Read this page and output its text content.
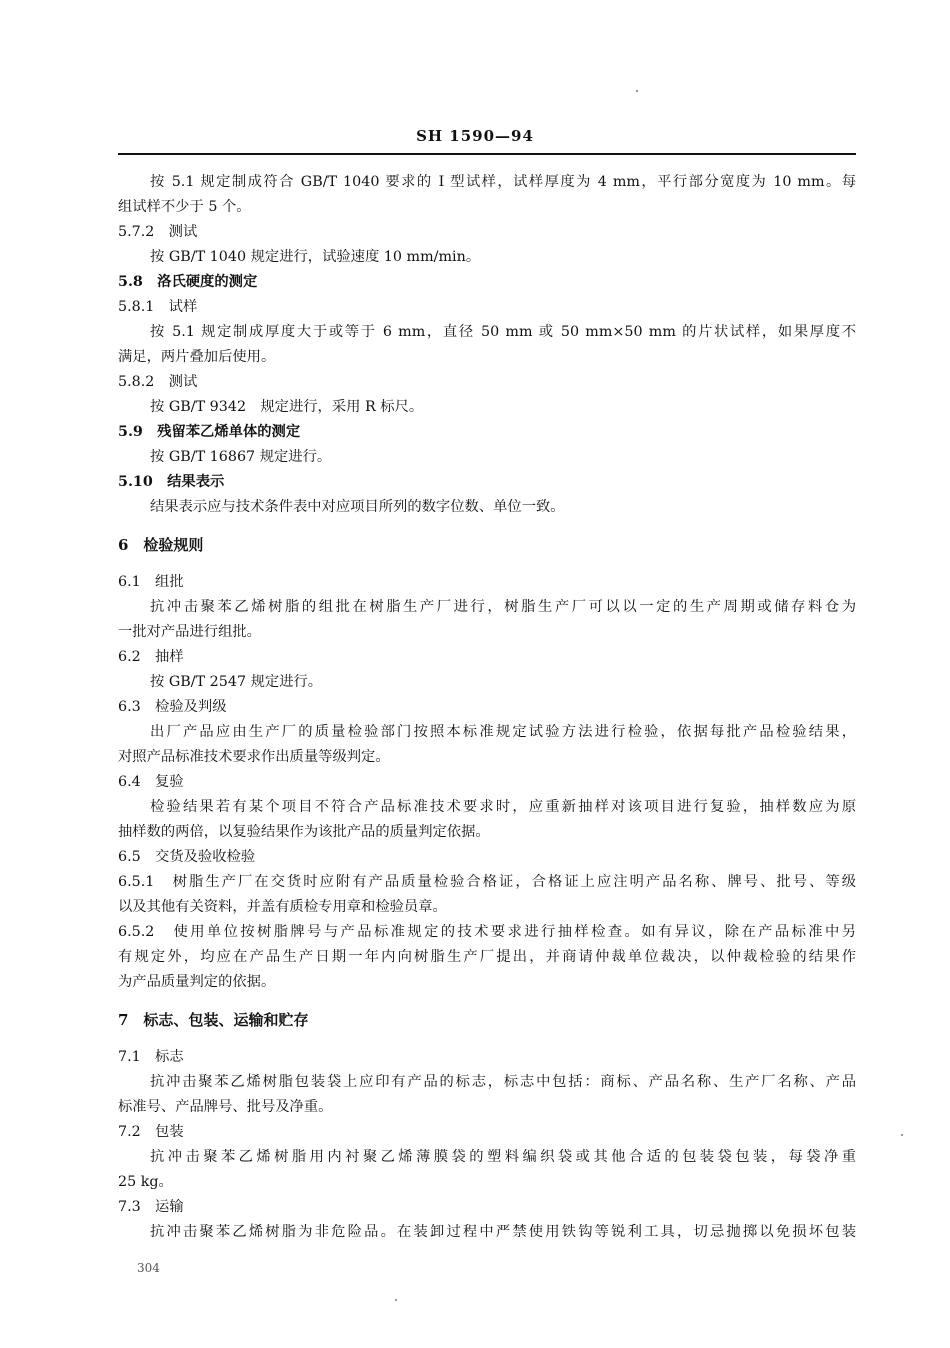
SH 1590—94
按 5.1 规定制成符合 GB/T 1040 要求的 I 型试样，试样厚度为 4 mm，平行部分宽度为 10 mm。每
组试样不少于 5 个。
5.7.2　测试
按 GB/T 1040 规定进行，试验速度 10 mm/min。
5.8　洛氏硬度的测定
5.8.1　试样
按 5.1 规定制成厚度大于或等于 6 mm，直径 50 mm 或 50 mm×50 mm 的片状试样，如果厚度不
满足，两片叠加后使用。
5.8.2　测试
按 GB/T 9342　规定进行，采用 R 标尺。
5.9　残留苯乙烯单体的测定
按 GB/T 16867 规定进行。
5.10　结果表示
结果表示应与技术条件表中对应项目所列的数字位数、单位一致。
6　检验规则
6.1　组批
抗冲击聚苯乙烯树脂的组批在树脂生产厂进行，树脂生产厂可以以一定的生产周期或储存料仓为
一批对产品进行组批。
6.2　抽样
按 GB/T 2547 规定进行。
6.3　检验及判级
出厂产品应由生产厂的质量检验部门按照本标准规定试验方法进行检验，依据每批产品检验结果，
对照产品标准技术要求作出质量等级判定。
6.4　复验
检验结果若有某个项目不符合产品标准技术要求时，应重新抽样对该项目进行复验，抽样数应为原
抽样数的两倍，以复验结果作为该批产品的质量判定依据。
6.5　交货及验收检验
6.5.1　树脂生产厂在交货时应附有产品质量检验合格证，合格证上应注明产品名称、牌号、批号、等级
以及其他有关资料，并盖有质检专用章和检验员章。
6.5.2　使用单位按树脂牌号与产品标准规定的技术要求进行抽样检查。如有异议，除在产品标准中另
有规定外，均应在产品生产日期一年内向树脂生产厂提出，并商请仲裁单位裁决，以仲裁检验的结果作
为产品质量判定的依据。
7　标志、包装、运输和贮存
7.1　标志
抗冲击聚苯乙烯树脂包装袋上应印有产品的标志，标志中包括：商标、产品名称、生产厂名称、产品
标准号、产品牌号、批号及净重。
7.2　包装
抗冲击聚苯乙烯树脂用内衬聚乙烯薄膜袋的塑料编织袋或其他合适的包装袋包装，每袋净重
25 kg。
7.3　运输
抗冲击聚苯乙烯树脂为非危险品。在装卸过程中严禁使用铁钩等锐利工具，切忌抛掷以免损坏包装
304
